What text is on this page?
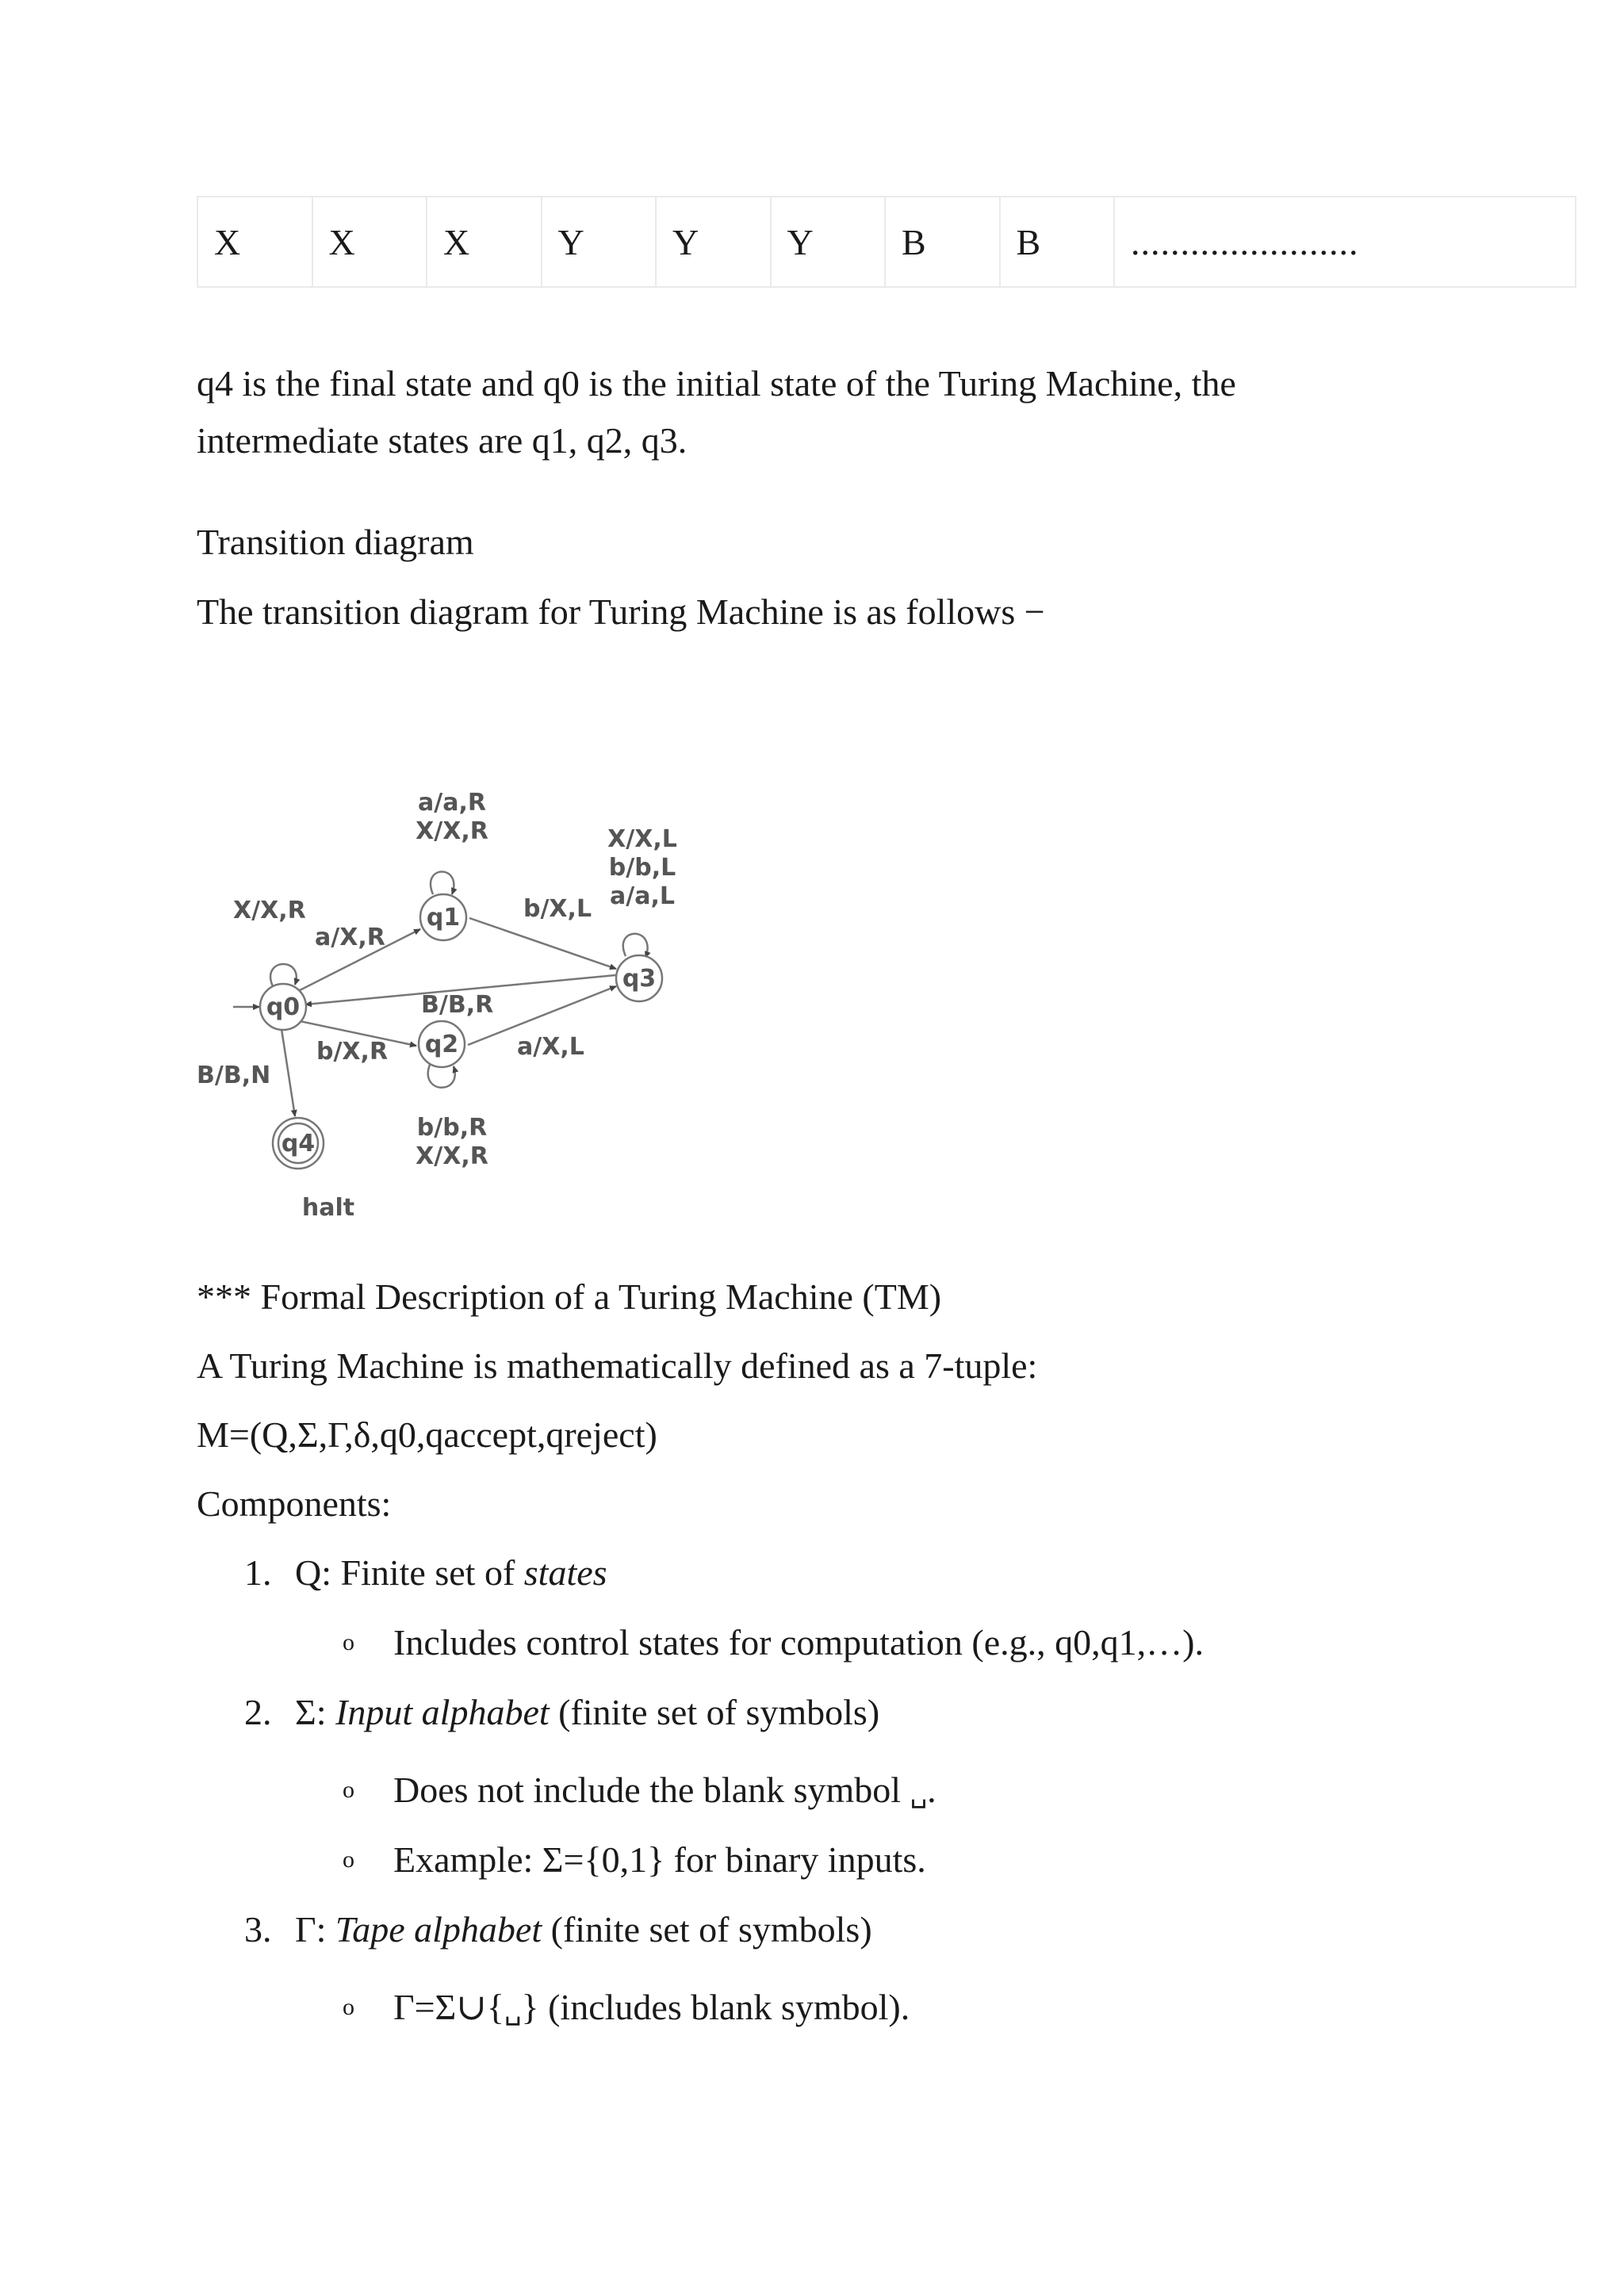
X	X	X	Y	Y	Y	B	B	.......................

q4 is the final state and q0 is the initial state of the Turing Machine, the
intermediate states are q1, q2, q3.

Transition diagram

The transition diagram for Turing Machine is as follows −

q0
q1
q2
q3
q4
a/a,R
X/X,R	X/X,L
b/b,L
a/a,L
X/X,R
a/X,R
b/X,L
B/B,R
b/X,R	a/X,L
B/B,N
b/b,R
X/X,R
halt

*** Formal Description of a Turing Machine (TM)

A Turing Machine is mathematically defined as a 7-tuple:

M=(Q,Σ,Γ,δ,q0,qaccept,qreject)

Components:

1. Q: Finite set of states
o Includes control states for computation (e.g., q0,q1,…).
2. Σ: Input alphabet (finite set of symbols)
o Does not include the blank symbol ␣.
o Example: Σ={0,1} for binary inputs.
3. Γ: Tape alphabet (finite set of symbols)
o Γ=Σ∪{␣} (includes blank symbol).
